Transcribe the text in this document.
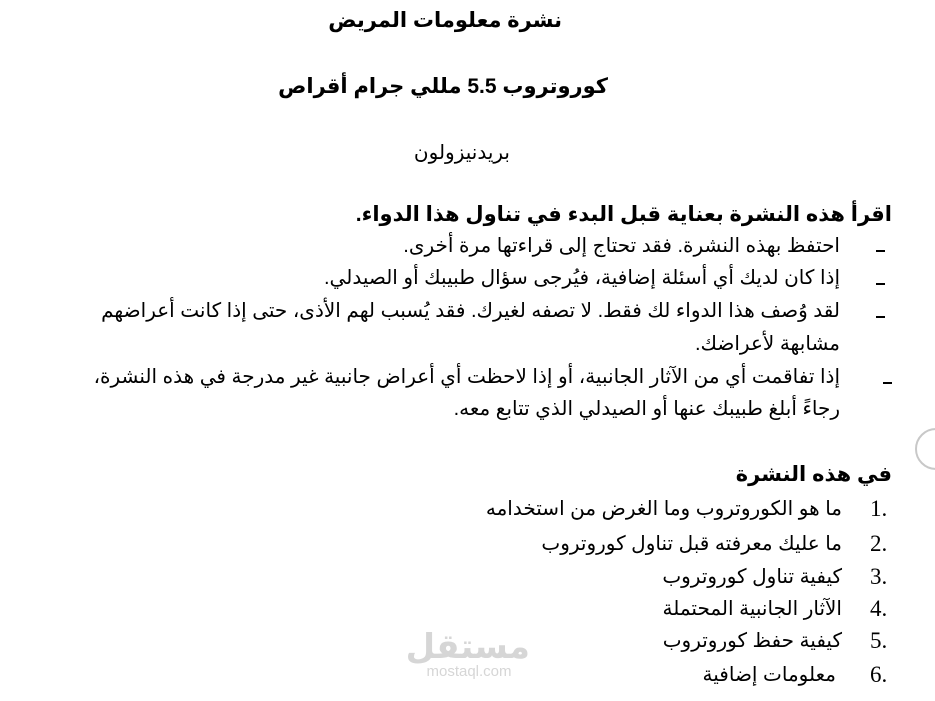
نشرة معلومات المريض
كوروتروب 5.5 مللي جرام أقراص
بريدنيزولون
اقرأ هذه النشرة بعناية قبل البدء في تناول هذا الدواء.
احتفظ بهذه النشرة. فقد تحتاج إلى قراءتها مرة أخرى.
إذا كان لديك أي أسئلة إضافية، فيُرجى سؤال طبيبك أو الصيدلي.
لقد وُصف هذا الدواء لك فقط. لا تصفه لغيرك. فقد يُسبب لهم الأذى، حتى إذا كانت أعراضهم
مشابهة لأعراضك.
إذا تفاقمت أي من الآثار الجانبية، أو إذا لاحظت أي أعراض جانبية غير مدرجة في هذه النشرة،
رجاءً أبلغ طبيبك عنها أو الصيدلي الذي تتابع معه.
في هذه النشرة
1.
ما هو الكوروتروب وما الغرض من استخدامه
2.
ما عليك معرفته قبل تناول كوروتروب
3.
كيفية تناول كوروتروب
4.
الآثار الجانبية المحتملة
5.
كيفية حفظ كوروتروب
6.
معلومات إضافية
مستقل
mostaql.com
